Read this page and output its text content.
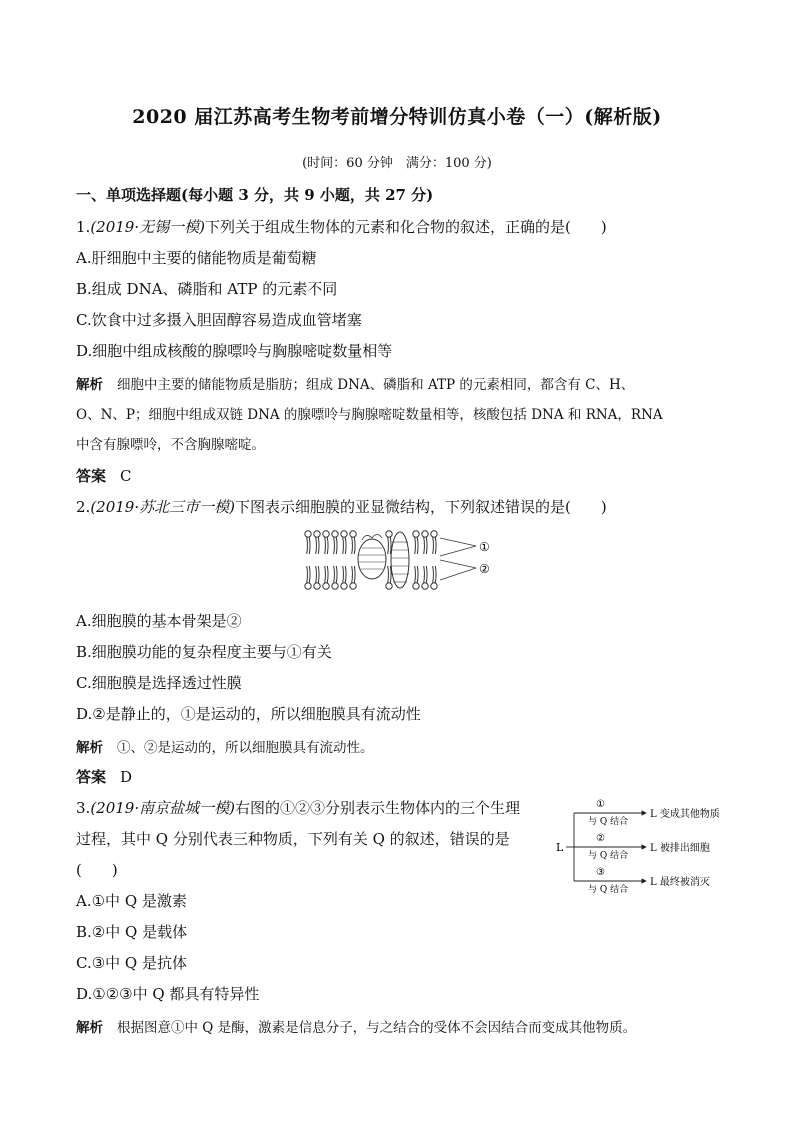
2020 届江苏高考生物考前增分特训仿真小卷（一）(解析版)
(时间：60 分钟　满分：100 分)
一、单项选择题(每小题 3 分，共 9 小题，共 27 分)
1.(2019·无锡一模)下列关于组成生物体的元素和化合物的叙述，正确的是(　　)
A.肝细胞中主要的储能物质是葡萄糖
B.组成 DNA、磷脂和 ATP 的元素不同
C.饮食中过多摄入胆固醇容易造成血管堵塞
D.细胞中组成核酸的腺嘌呤与胸腺嘧啶数量相等
解析 细胞中主要的储能物质是脂肪；组成 DNA、磷脂和 ATP 的元素相同，都含有 C、H、
O、N、P；细胞中组成双链 DNA 的腺嘌呤与胸腺嘧啶数量相等，核酸包括 DNA 和 RNA，RNA
中含有腺嘌呤，不含胸腺嘧啶。
答案 C
2.(2019·苏北三市一模)下图表示细胞膜的亚显微结构，下列叙述错误的是(　　)
①
②
A.细胞膜的基本骨架是②
B.细胞膜功能的复杂程度主要与①有关
C.细胞膜是选择透过性膜
D.②是静止的，①是运动的，所以细胞膜具有流动性
解析 ①、②是运动的，所以细胞膜具有流动性。
答案 D
3.(2019·南京盐城一模)右图的①②③分别表示生物体内的三个生理
过程，其中 Q 分别代表三种物质，下列有关 Q 的叙述，错误的是
(　　)
L
①
与 Q 结合
L 变成其他物质
②
与 Q 结合
L 被排出细胞
③
与 Q 结合
L 最终被消灭
A.①中 Q 是激素
B.②中 Q 是载体
C.③中 Q 是抗体
D.①②③中 Q 都具有特异性
解析 根据图意①中 Q 是酶，激素是信息分子，与之结合的受体不会因结合而变成其他物质。
